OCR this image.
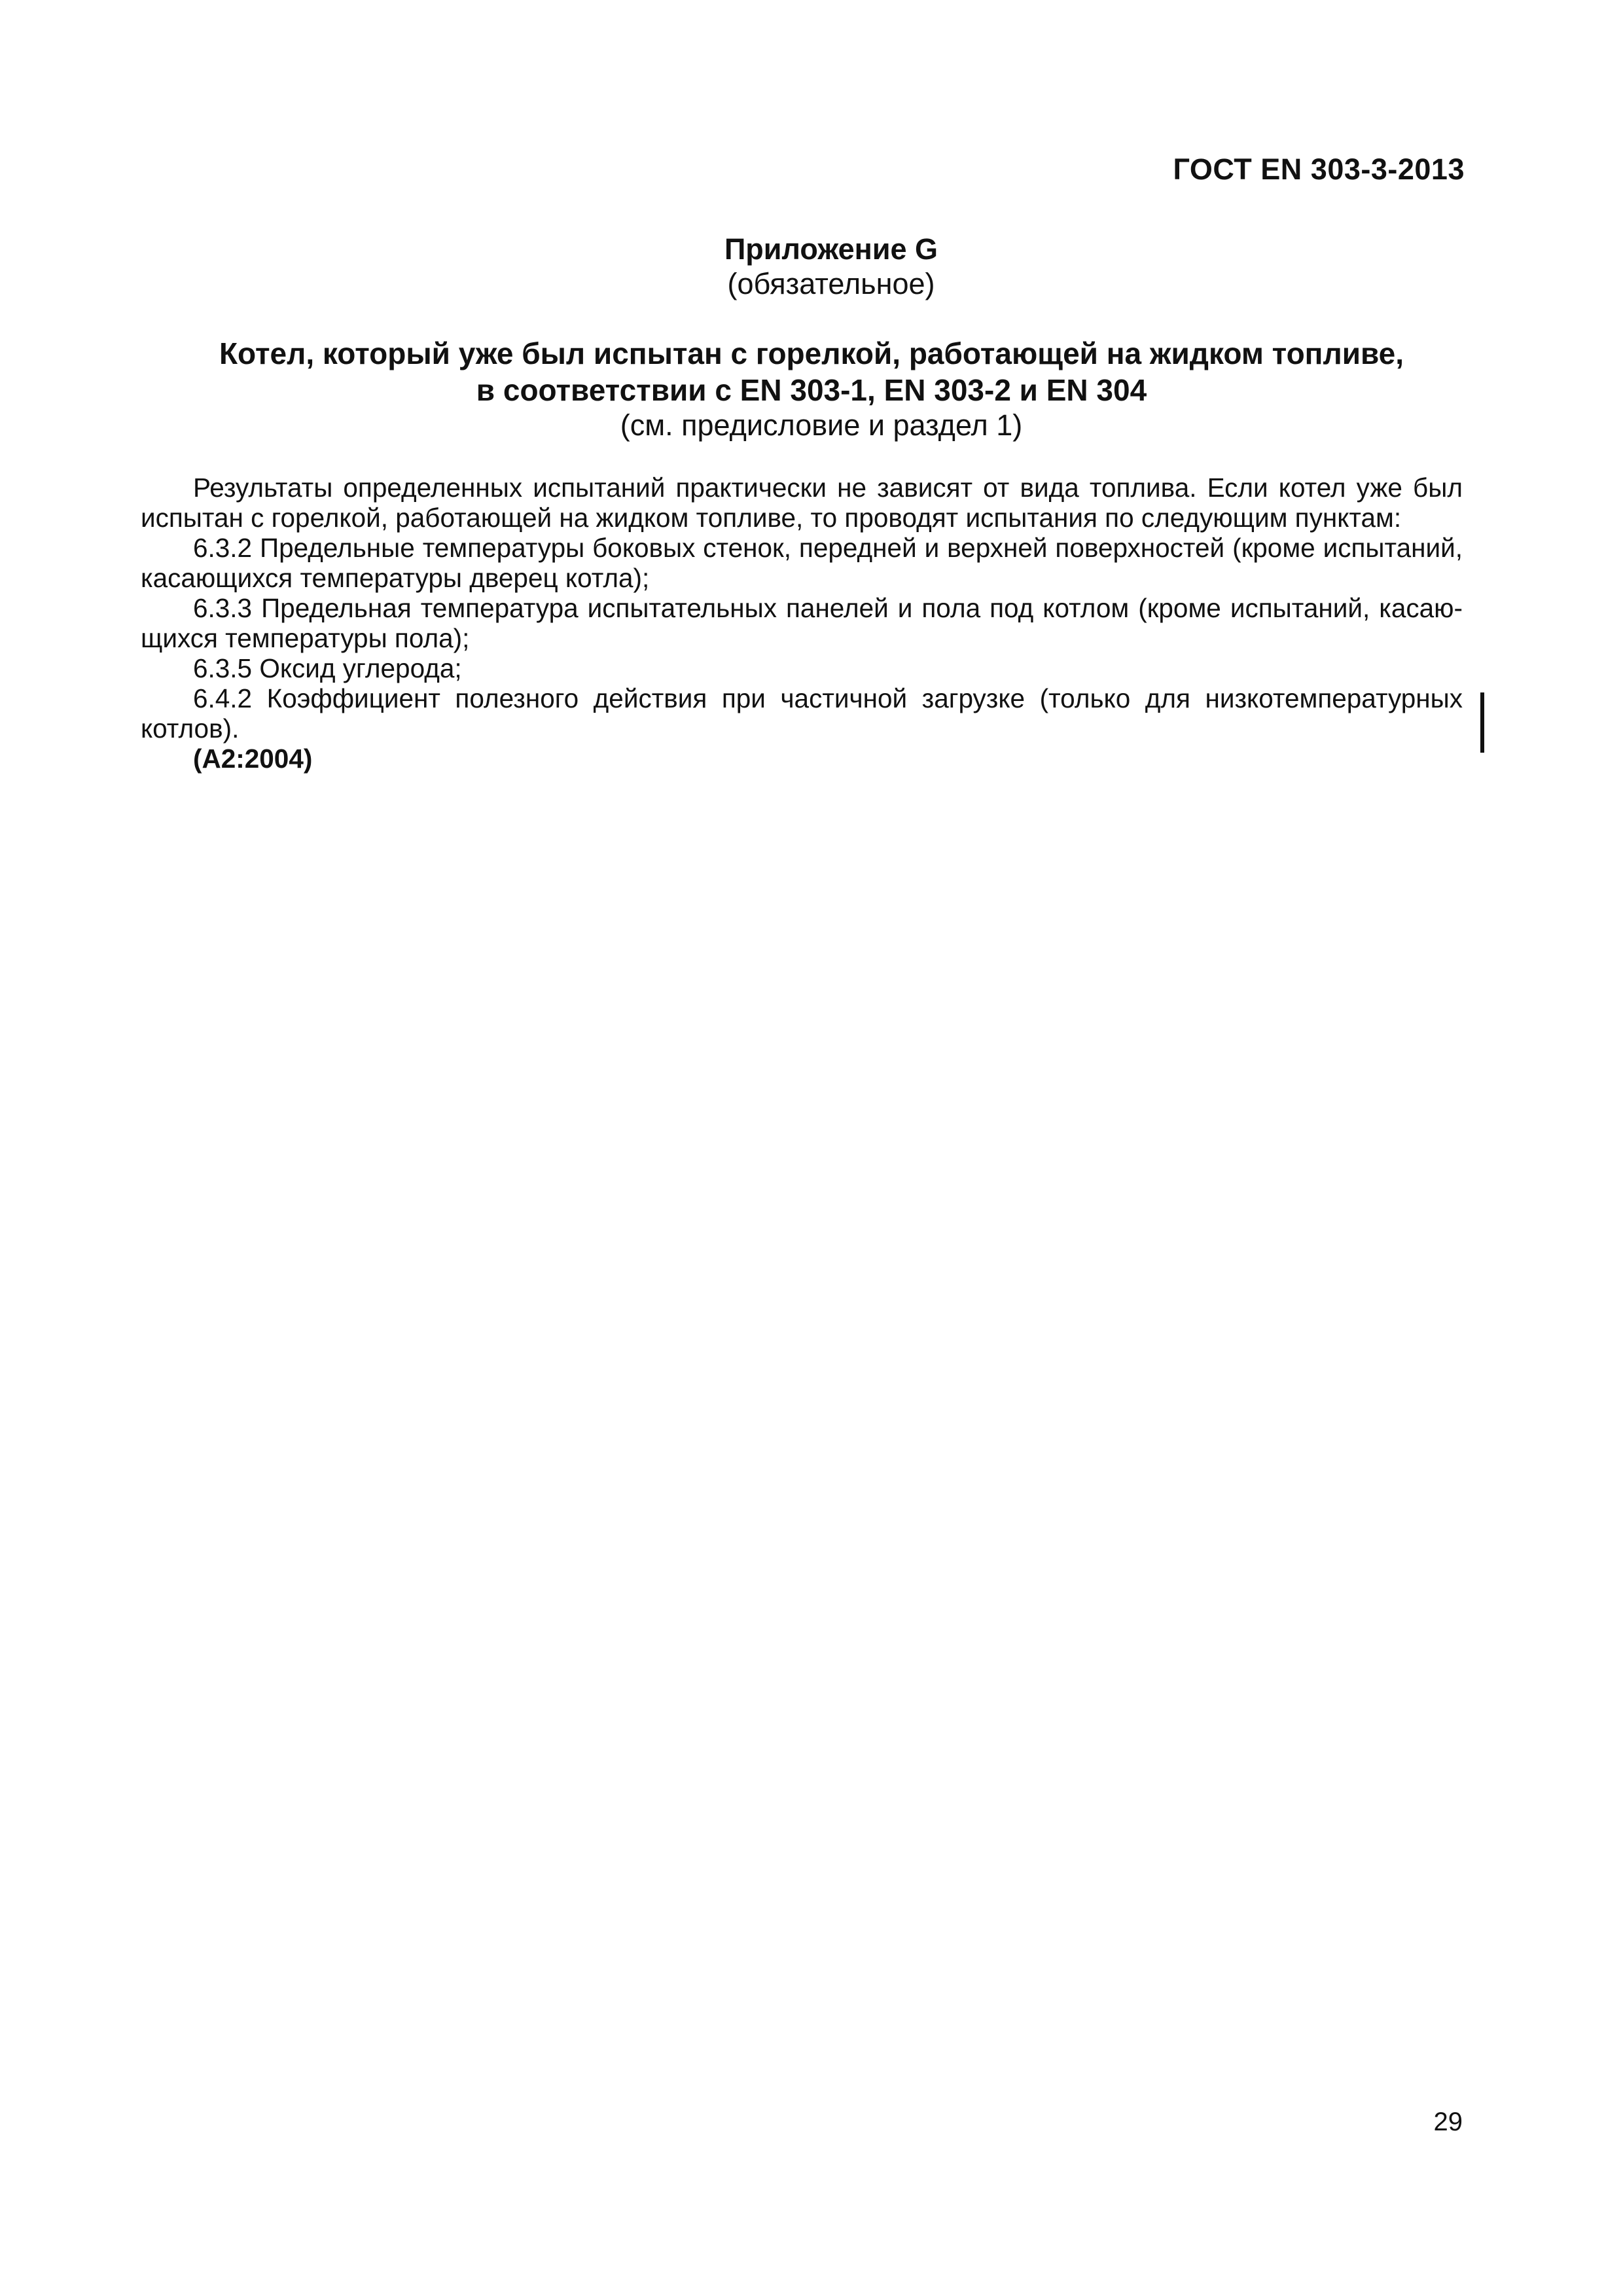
ГОСТ EN 303-3-2013
Приложение G
(обязательное)
Котел, который уже был испытан с горелкой, работающей на жидком топливе,
в соответствии с EN 303-1, EN 303-2 и EN 304
(см. предисловие и раздел 1)

Результаты определенных испытаний практически не зависят от вида топлива. Если котел уже был испытан с горелкой, работающей на жидком топливе, то проводят испытания по следующим пунктам:

6.3.2 Предельные температуры боковых стенок, передней и верхней поверхностей (кроме испытаний, касающихся температуры дверец котла);

6.3.3 Предельная температура испытательных панелей и пола под котлом (кроме испытаний, касающихся температуры пола);

6.3.5 Оксид углерода;

6.4.2 Коэффициент полезного действия при частичной загрузке (только для низкотемпературных котлов).

(A2:2004)

29
